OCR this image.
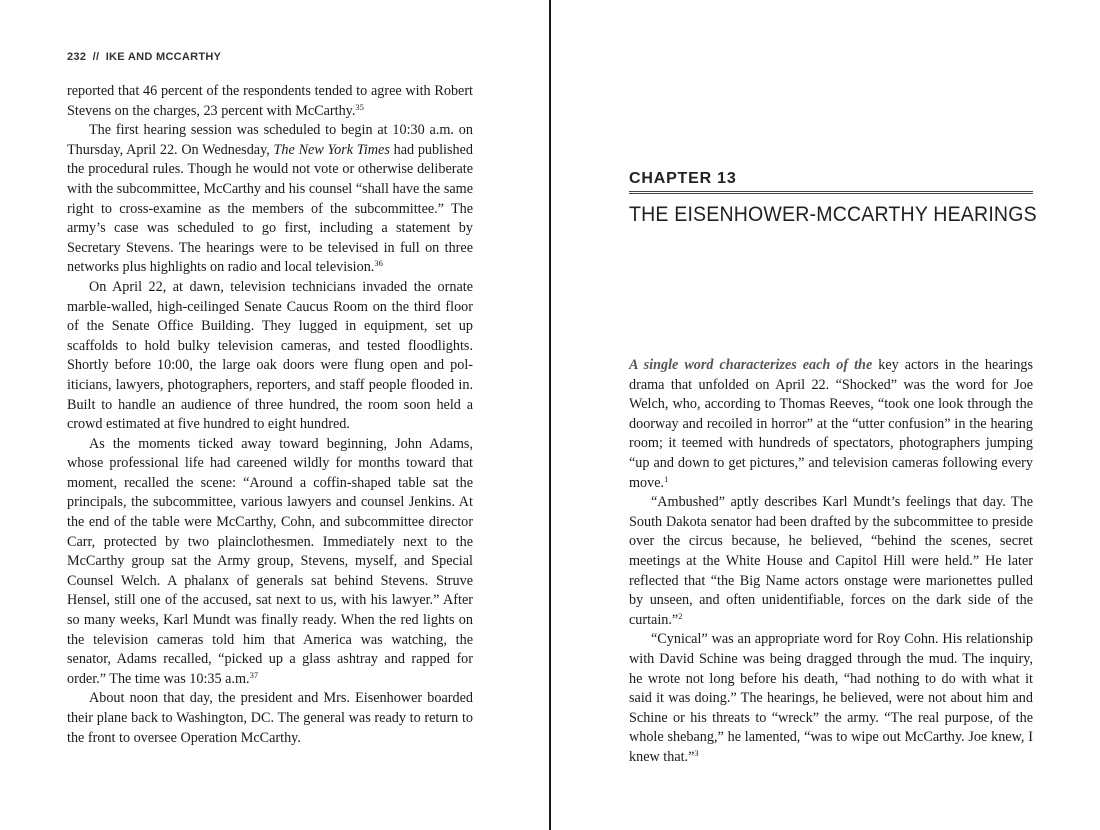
232 // IKE AND MCCARTHY

reported that 46 percent of the respondents tended to agree with Robert Stevens on the charges, 23 percent with McCarthy.$^{35}$

The first hearing session was scheduled to begin at 10:30 a.m. on Thursday, April 22. On Wednesday, The New York Times had published the procedural rules. Though he would not vote or otherwise deliberate with the subcommittee, McCarthy and his counsel “shall have the same right to cross-examine as the members of the subcommittee.” The army’s case was scheduled to go first, including a statement by Secretary Stevens. The hearings were to be televised in full on three networks plus highlights on radio and local television.$^{36}$

On April 22, at dawn, television technicians invaded the ornate marble-walled, high-ceilinged Senate Caucus Room on the third floor of the Senate Office Building. They lugged in equipment, set up scaffolds to hold bulky television cameras, and tested floodlights. Shortly before 10:00, the large oak doors were flung open and politicians, lawyers, photographers, reporters, and staff people flooded in. Built to handle an audience of three hundred, the room soon held a crowd estimated at five hundred to eight hundred.

As the moments ticked away toward beginning, John Adams, whose professional life had careened wildly for months toward that moment, recalled the scene: “Around a coffin-shaped table sat the principals, the subcommittee, various lawyers and counsel Jenkins. At the end of the table were McCarthy, Cohn, and subcommittee director Carr, protected by two plainclothesmen. Immediately next to the McCarthy group sat the Army group, Stevens, myself, and Special Counsel Welch. A phalanx of generals sat behind Stevens. Struve Hensel, still one of the accused, sat next to us, with his lawyer.” After so many weeks, Karl Mundt was finally ready. When the red lights on the television cameras told him that America was watching, the senator, Adams recalled, “picked up a glass ashtray and rapped for order.” The time was 10:35 a.m.$^{37}$

About noon that day, the president and Mrs. Eisenhower boarded their plane back to Washington, DC. The general was ready to return to the front to oversee Operation McCarthy.

CHAPTER 13
THE EISENHOWER-MCCARTHY HEARINGS

A single word characterizes each of the key actors in the hearings drama that unfolded on April 22. “Shocked” was the word for Joe Welch, who, according to Thomas Reeves, “took one look through the doorway and recoiled in horror” at the “utter confusion” in the hearing room; it teemed with hundreds of spectators, photographers jumping “up and down to get pictures,” and television cameras following every move.$^1$

“Ambushed” aptly describes Karl Mundt’s feelings that day. The South Dakota senator had been drafted by the subcommittee to preside over the circus because, he believed, “behind the scenes, secret meetings at the White House and Capitol Hill were held.” He later reflected that “the Big Name actors onstage were marionettes pulled by unseen, and often unidentifiable, forces on the dark side of the curtain.”$^2$

“Cynical” was an appropriate word for Roy Cohn. His relationship with David Schine was being dragged through the mud. The inquiry, he wrote not long before his death, “had nothing to do with what it said it was doing.” The hearings, he believed, were not about him and Schine or his threats to “wreck” the army. “The real purpose, of the whole shebang,” he lamented, “was to wipe out McCarthy. Joe knew, I knew that.”$^3$
